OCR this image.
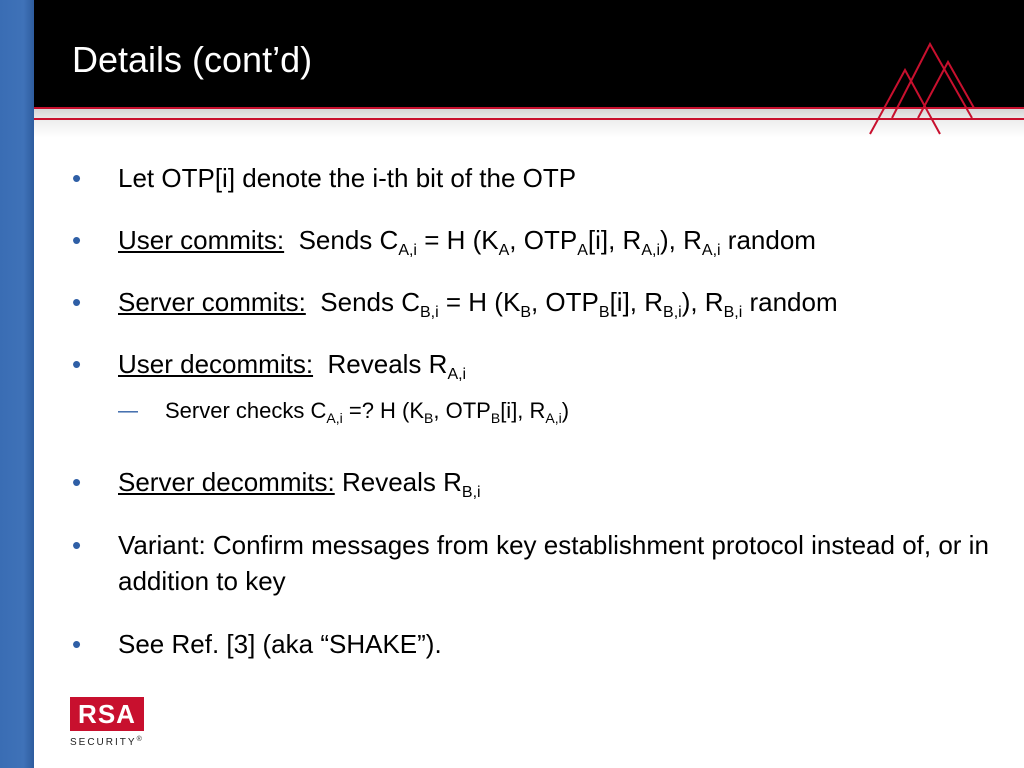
Details (cont’d)
• Let OTP[i] denote the i-th bit of the OTP
• User commits: Sends $C_{A,i} = H$ ($K_A$, $OTP_A[i]$, $R_{A,i}$), $R_{A,i}$ random
• Server commits: Sends $C_{B,i} = H$ ($K_B$, $OTP_B[i]$, $R_{B,i}$), $R_{B,i}$ random
• User decommits: Reveals $R_{A,i}$
— Server checks $C_{A,i}$ =? H ($K_B$, $OTP_B[i]$, $R_{A,i}$)
• Server decommits: Reveals $R_{B,i}$
• Variant: Confirm messages from key establishment protocol instead of, or in addition to key
• See Ref. [3] (aka “SHAKE”).
RSA
SECURITY®
